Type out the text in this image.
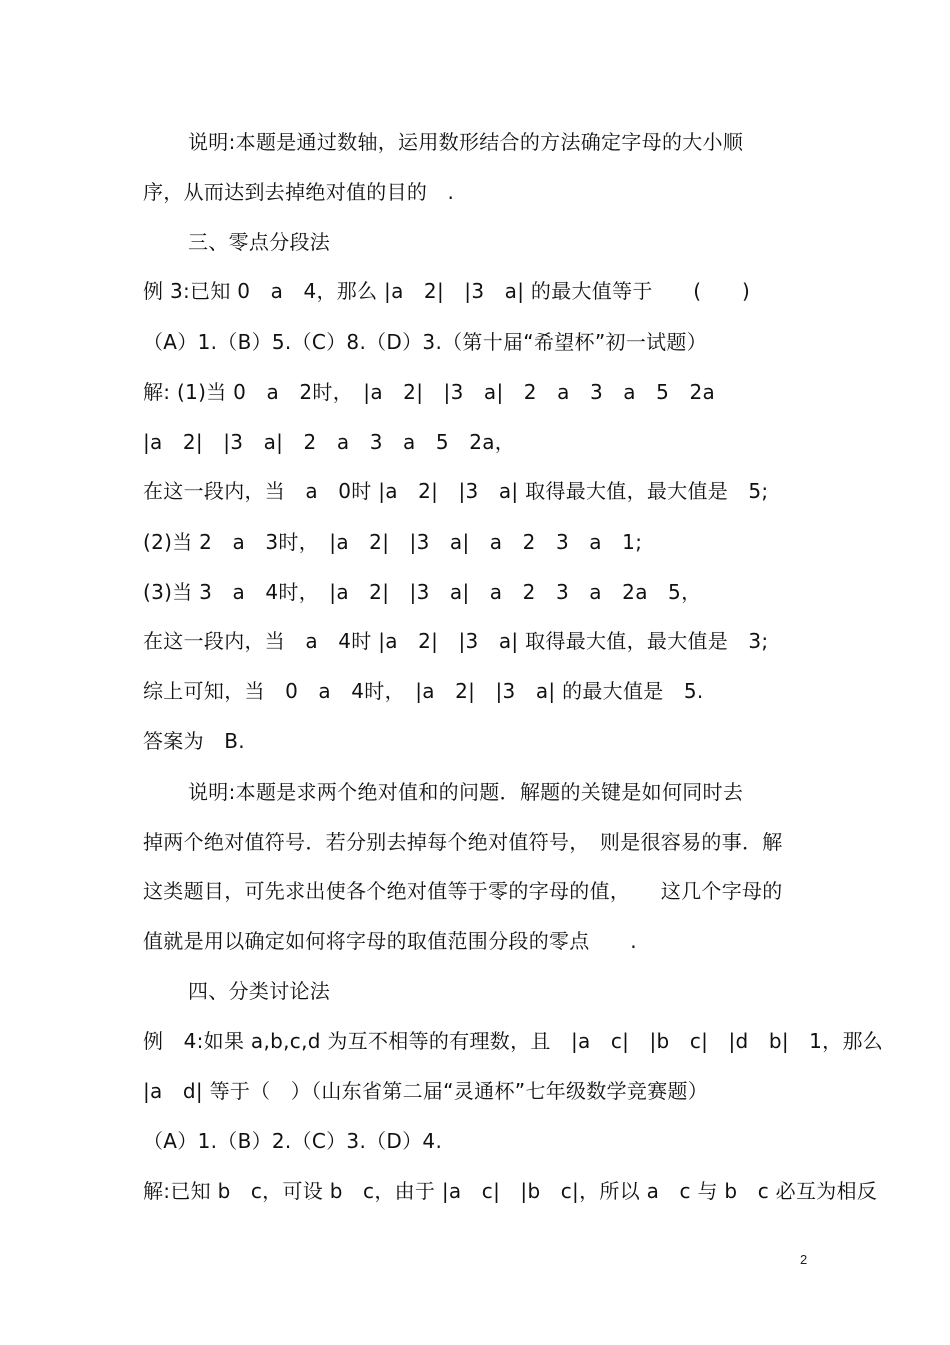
说明:本题是通过数轴，运用数形结合的方法确定字母的大小顺
序，从而达到去掉绝对值的目的　.
三、零点分段法
例 3:已知 0　a　4，那么 |a　2|　|3　a| 的最大值等于　　(　　)
（A）1.（B）5.（C）8.（D）3.（第十届“希望杯”初一试题）
解: (1)当 0　a　2时，　|a　2|　|3　a|　2　a　3　a　5　2a
|a　2|　|3　a|　2　a　3　a　5　2a，
在这一段内，当　a　0时 |a　2|　|3　a| 取得最大值，最大值是　5;
(2)当 2　a　3时，　|a　2|　|3　a|　a　2　3　a　1;
(3)当 3　a　4时，　|a　2|　|3　a|　a　2　3　a　2a　5，
在这一段内，当　a　4时 |a　2|　|3　a| 取得最大值，最大值是　3;
综上可知，当　0　a　4时，　|a　2|　|3　a| 的最大值是　5.
答案为　B.
说明:本题是求两个绝对值和的问题．解题的关键是如何同时去
掉两个绝对值符号．若分别去掉每个绝对值符号，　则是很容易的事．解
这类题目，可先求出使各个绝对值等于零的字母的值，　　这几个字母的
值就是用以确定如何将字母的取值范围分段的零点　　.
四、分类讨论法
例　4:如果 a,b,c,d 为互不相等的有理数，且　|a　c|　|b　c|　|d　b|　1，那么
|a　d| 等于（　）（山东省第二届“灵通杯”七年级数学竞赛题）
（A）1.（B）2.（C）3.（D）4.
解:已知 b　c，可设 b　c，由于 |a　c|　|b　c|，所以 a　c 与 b　c 必互为相反
2
